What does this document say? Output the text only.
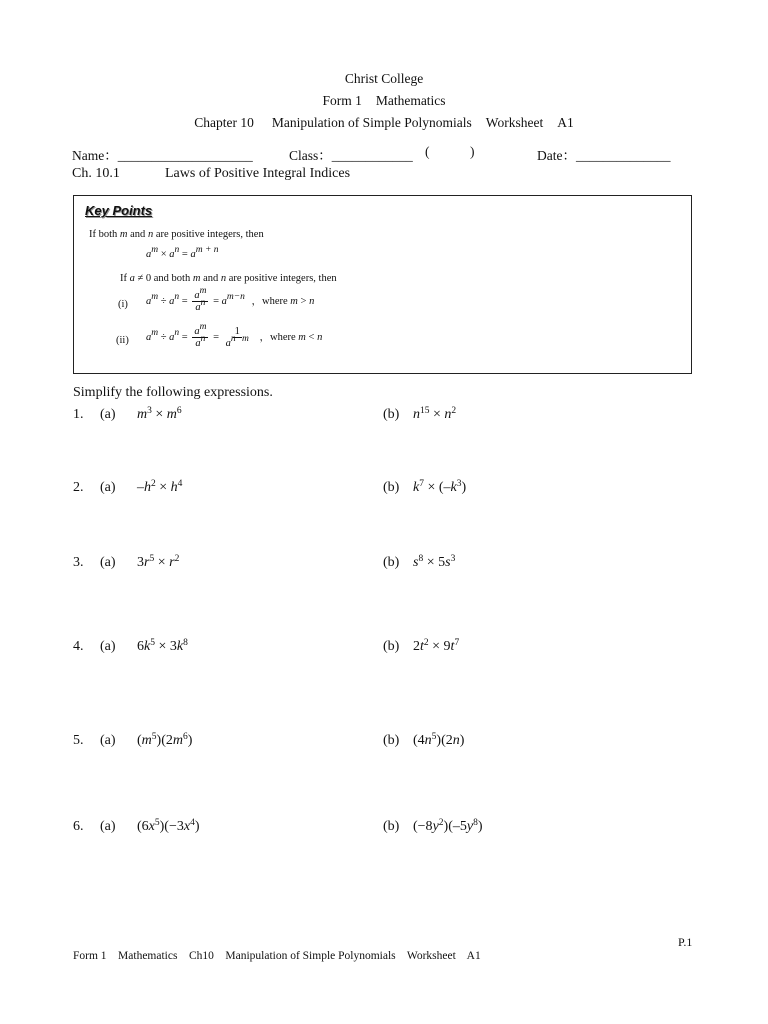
Christ College
Form 1 Mathematics
Chapter 10 Manipulation of Simple Polynomials Worksheet A1
Name：____________________	Class：____________ (            )	Date：______________
Ch. 10.1	Laws of Positive Integral Indices
Key Points
If both m and n are positive integers, then
$a^m \times a^n = a^{m + n}$
If a ≠ 0 and both m and n are positive integers, then
(i) $a^m \div a^n = \frac{a^m}{a^n} = a^{m-n}$ ，where m > n
(ii) $a^m \div a^n = \frac{a^m}{a^n} = \frac{1}{a^{n-m}}$ ，where m < n
Simplify the following expressions.
1. (a) $m^3 \times m^6$	(b) $n^{15} \times n^2$
2. (a) $-h^2 \times h^4$	(b) $k^7 \times (-k^3)$
3. (a) $3r^5 \times r^2$	(b) $s^8 \times 5s^3$
4. (a) $6k^5 \times 3k^8$	(b) $2t^2 \times 9t^7$
5. (a) $(m^5)(2m^6)$	(b) $(4n^5)(2n)$
6. (a) $(6x^5)(-3x^4)$	(b) $(-8y^2)(-5y^8)$
P.1
Form 1    Mathematics    Ch10    Manipulation of Simple Polynomials    Worksheet    A1
